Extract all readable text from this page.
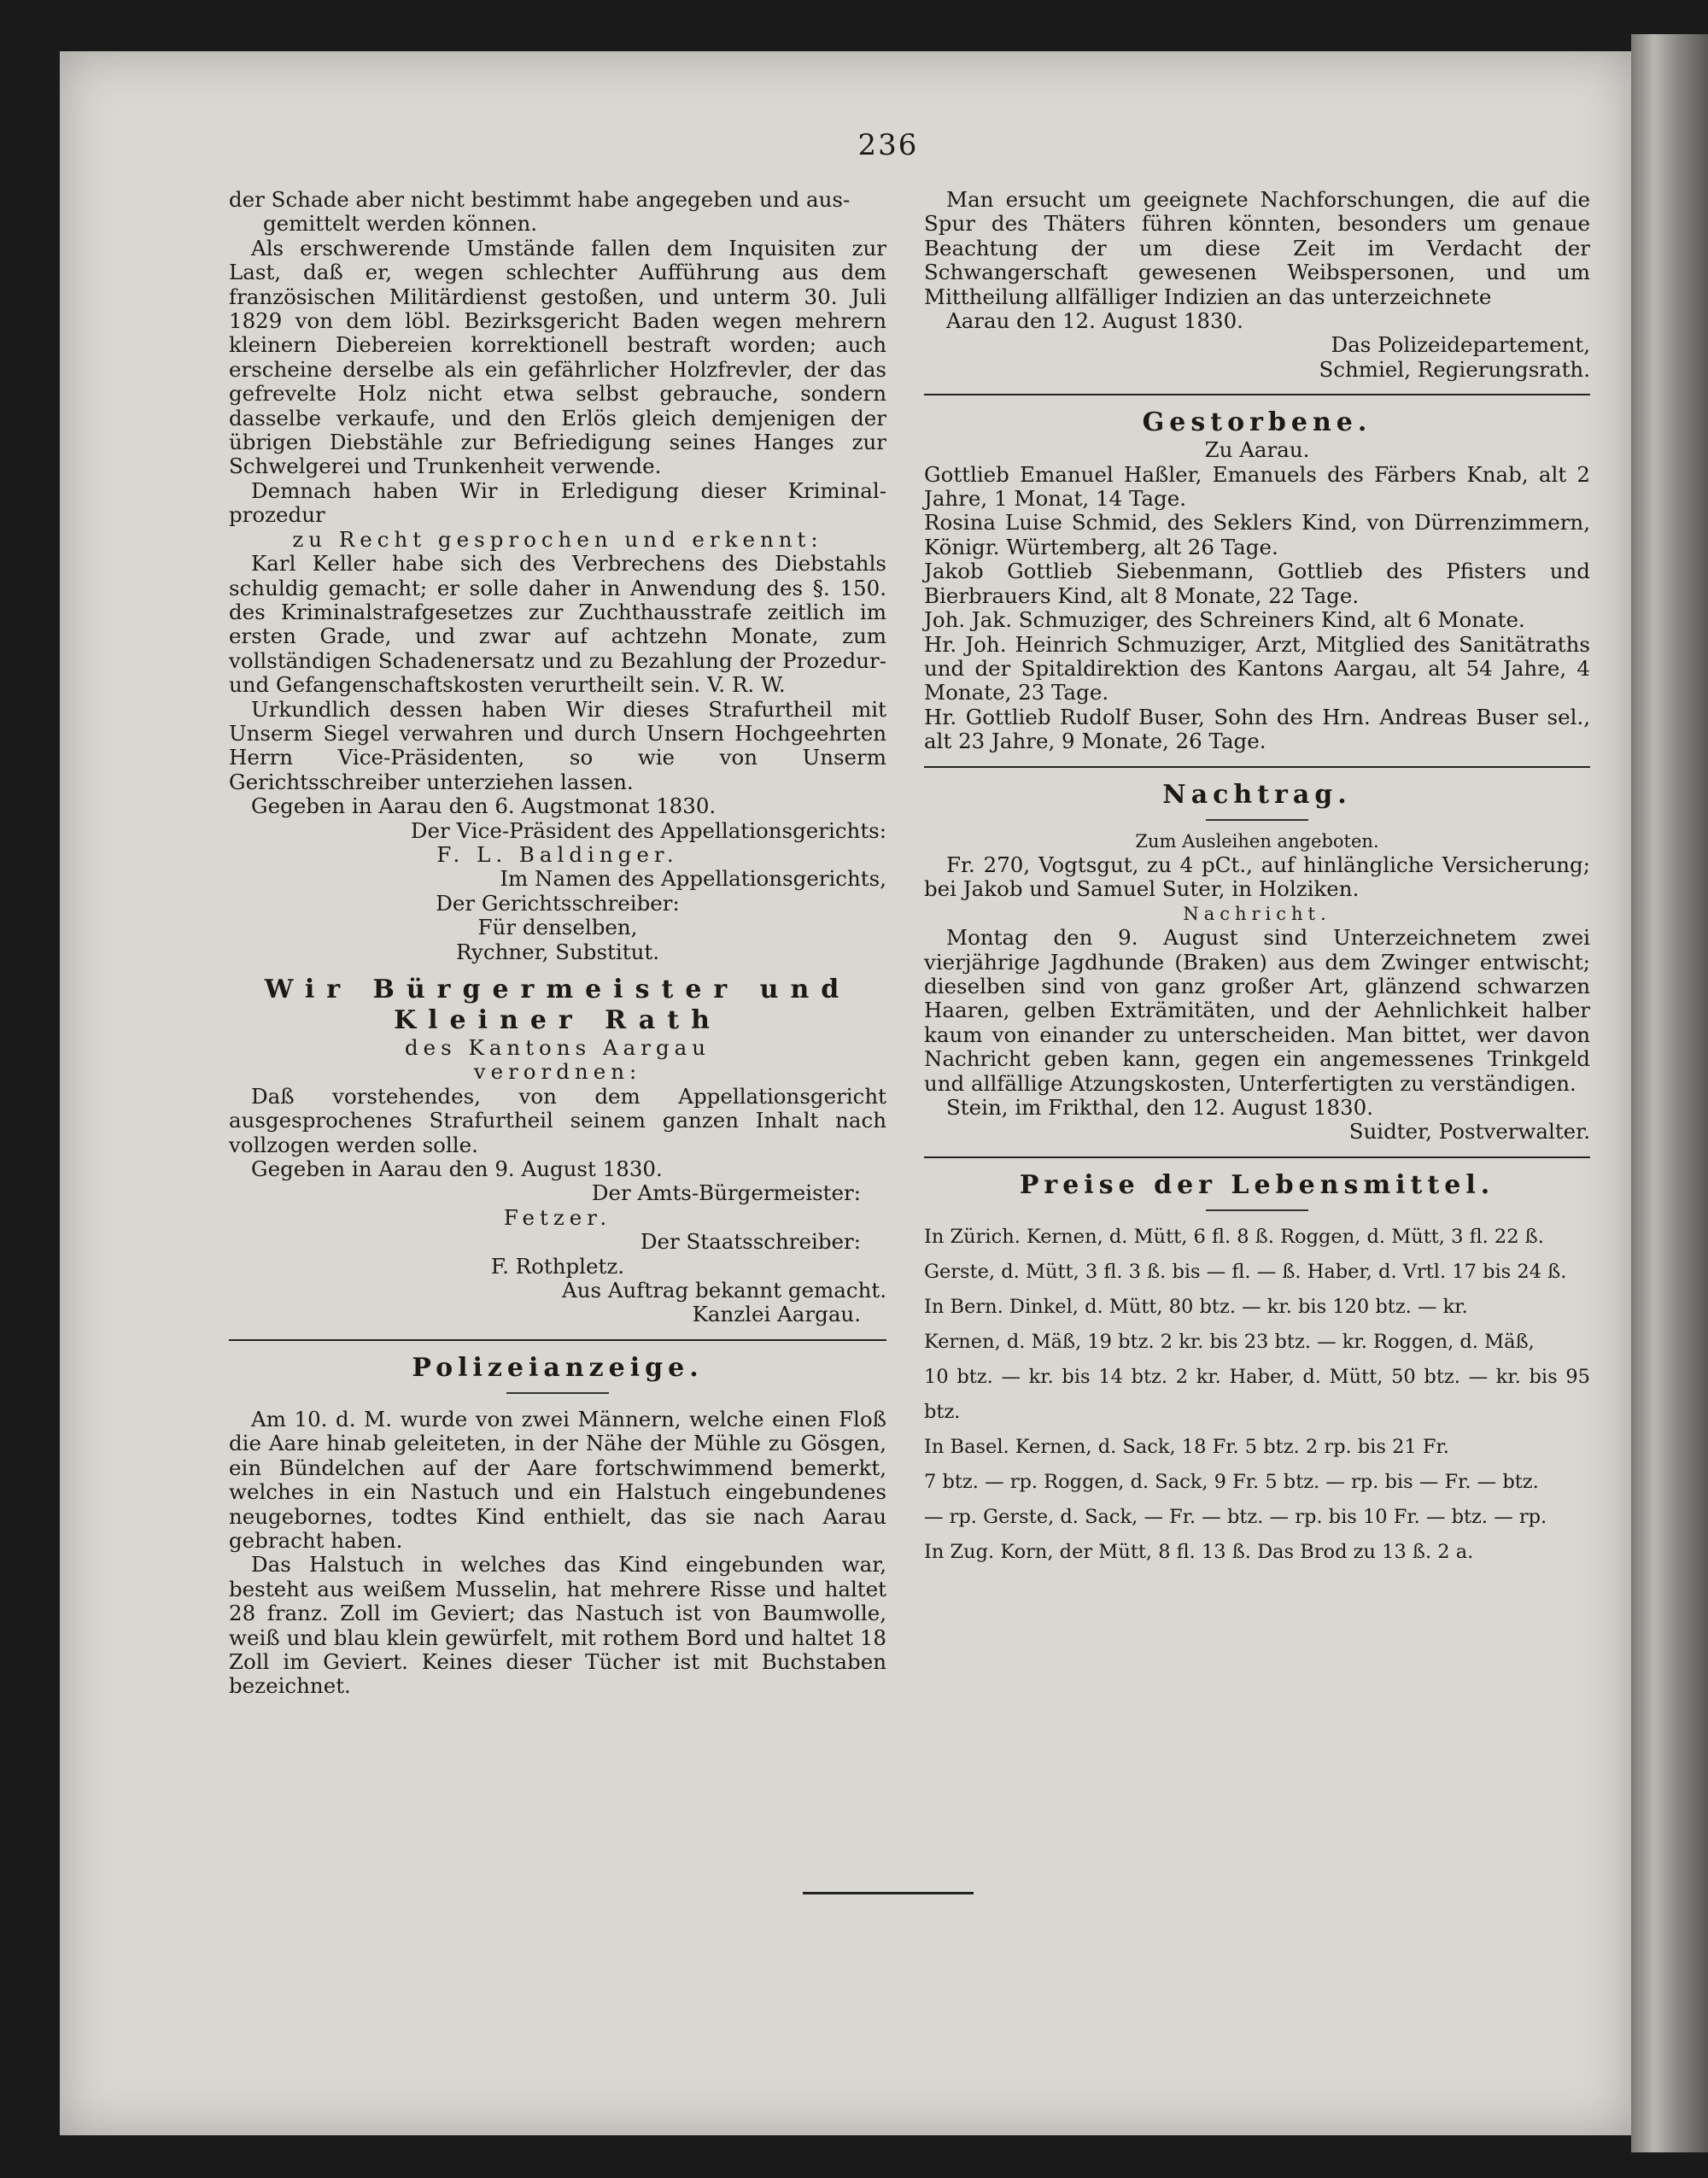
236

der Schade aber nicht bestimmt habe angegeben und aus-

gemittelt werden können.

Als erschwerende Umstände fallen dem Inquisiten zur Last, daß er, wegen schlechter Aufführung aus dem französischen Militärdienst gestoßen, und unterm 30. Juli 1829 von dem löbl. Bezirksgericht Baden wegen mehrern kleinern Diebereien korrektionell bestraft worden; auch erscheine derselbe als ein gefährlicher Holzfrevler, der das gefrevelte Holz nicht etwa selbst gebrauche, sondern dasselbe verkaufe, und den Erlös gleich demjenigen der übrigen Diebstähle zur Befriedigung seines Hanges zur Schwelgerei und Trunkenheit verwende.

Demnach haben Wir in Erledigung dieser Kriminal-prozedur

zu Recht gesprochen und erkennt:

Karl Keller habe sich des Verbrechens des Diebstahls schuldig gemacht; er solle daher in Anwendung des §. 150. des Kriminalstrafgesetzes zur Zuchthausstrafe zeitlich im ersten Grade, und zwar auf achtzehn Monate, zum vollständigen Schadenersatz und zu Bezahlung der Prozedur- und Gefangenschaftskosten verurtheilt sein. V. R. W.

Urkundlich dessen haben Wir dieses Strafurtheil mit Unserm Siegel verwahren und durch Unsern Hochgeehrten Herrn Vice-Präsidenten, so wie von Unserm Gerichtsschreiber unterziehen lassen.

Gegeben in Aarau den 6. Augstmonat 1830.

Der Vice-Präsident des Appellationsgerichts:

F. L. Baldinger.

Im Namen des Appellationsgerichts,

Der Gerichtsschreiber:

Für denselben,

Rychner, Substitut.

Wir Bürgermeister und Kleiner Rath

des Kantons Aargau

verordnen:

Daß vorstehendes, von dem Appellationsgericht ausgesprochenes Strafurtheil seinem ganzen Inhalt nach vollzogen werden solle.

Gegeben in Aarau den 9. August 1830.

Der Amts-Bürgermeister:

Fetzer.

Der Staatsschreiber:

F. Rothpletz.

Aus Auftrag bekannt gemacht.

Kanzlei Aargau.

Polizeianzeige.

Am 10. d. M. wurde von zwei Männern, welche einen Floß die Aare hinab geleiteten, in der Nähe der Mühle zu Gösgen, ein Bündelchen auf der Aare fortschwimmend bemerkt, welches in ein Nastuch und ein Halstuch eingebundenes neugebornes, todtes Kind enthielt, das sie nach Aarau gebracht haben.

Das Halstuch in welches das Kind eingebunden war, besteht aus weißem Musselin, hat mehrere Risse und haltet 28 franz. Zoll im Geviert; das Nastuch ist von Baumwolle, weiß und blau klein gewürfelt, mit rothem Bord und haltet 18 Zoll im Geviert. Keines dieser Tücher ist mit Buchstaben bezeichnet.

Man ersucht um geeignete Nachforschungen, die auf die Spur des Thäters führen könnten, besonders um genaue Beachtung der um diese Zeit im Verdacht der Schwangerschaft gewesenen Weibspersonen, und um Mittheilung allfälliger Indizien an das unterzeichnete

Aarau den 12. August 1830.

Das Polizeidepartement,

Schmiel, Regierungsrath.

Gestorbene.

Zu Aarau.

Gottlieb Emanuel Haßler, Emanuels des Färbers Knab, alt 2 Jahre, 1 Monat, 14 Tage.

Rosina Luise Schmid, des Seklers Kind, von Dürrenzimmern, Königr. Würtemberg, alt 26 Tage.

Jakob Gottlieb Siebenmann, Gottlieb des Pfisters und Bierbrauers Kind, alt 8 Monate, 22 Tage.

Joh. Jak. Schmuziger, des Schreiners Kind, alt 6 Monate.

Hr. Joh. Heinrich Schmuziger, Arzt, Mitglied des Sanitätraths und der Spitaldirektion des Kantons Aargau, alt 54 Jahre, 4 Monate, 23 Tage.

Hr. Gottlieb Rudolf Buser, Sohn des Hrn. Andreas Buser sel., alt 23 Jahre, 9 Monate, 26 Tage.

Nachtrag.

Zum Ausleihen angeboten.

Fr. 270, Vogtsgut, zu 4 pCt., auf hinlängliche Versicherung; bei Jakob und Samuel Suter, in Holziken.

Nachricht.

Montag den 9. August sind Unterzeichnetem zwei vierjährige Jagdhunde (Braken) aus dem Zwinger entwischt; dieselben sind von ganz großer Art, glänzend schwarzen Haaren, gelben Exträmitäten, und der Aehnlichkeit halber kaum von einander zu unterscheiden. Man bittet, wer davon Nachricht geben kann, gegen ein angemessenes Trinkgeld und allfällige Atzungskosten, Unterfertigten zu verständigen.

Stein, im Frikthal, den 12. August 1830.

Suidter, Postverwalter.

Preise der Lebensmittel.

In Zürich. Kernen, d. Mütt, 6 fl. 8 ß. Roggen, d. Mütt, 3 fl. 22 ß.

Gerste, d. Mütt, 3 fl. 3 ß. bis — fl. — ß. Haber, d. Vrtl. 17 bis 24 ß.

In Bern. Dinkel, d. Mütt, 80 btz. — kr. bis 120 btz. — kr.

Kernen, d. Mäß, 19 btz. 2 kr. bis 23 btz. — kr. Roggen, d. Mäß,

10 btz. — kr. bis 14 btz. 2 kr. Haber, d. Mütt, 50 btz. — kr. bis 95 btz.

In Basel. Kernen, d. Sack, 18 Fr. 5 btz. 2 rp. bis 21 Fr.

7 btz. — rp. Roggen, d. Sack, 9 Fr. 5 btz. — rp. bis — Fr. — btz.

— rp. Gerste, d. Sack, — Fr. — btz. — rp. bis 10 Fr. — btz. — rp.

In Zug. Korn, der Mütt, 8 fl. 13 ß. Das Brod zu 13 ß. 2 a.
